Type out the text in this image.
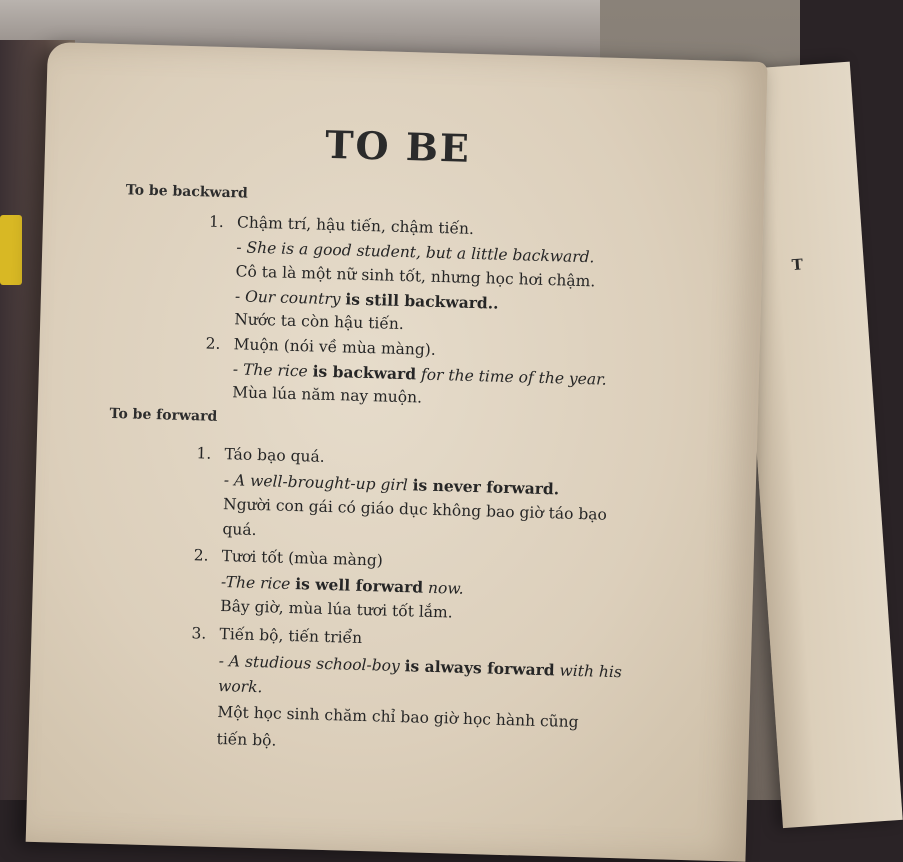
T
TO BE
To be backward
1. Chậm trí, hậu tiến, chậm tiến.
- She is a good student, but a little backward.
Cô ta là một nữ sinh tốt, nhưng học hơi chậm.
- Our country is still backward..
Nước ta còn hậu tiến.
2. Muộn (nói về mùa màng).
- The rice is backward for the time of the year.
Mùa lúa năm nay muộn.
To be forward
1. Táo bạo quá.
- A well-brought-up girl is never forward.
Người con gái có giáo dục không bao giờ táo bạo
quá.
2. Tươi tốt (mùa màng)
-The rice is well forward now.
Bây giờ, mùa lúa tươi tốt lắm.
3. Tiến bộ, tiến triển
- A studious school-boy is always forward with his
work.
Một học sinh chăm chỉ bao giờ học hành cũng
tiến bộ.
